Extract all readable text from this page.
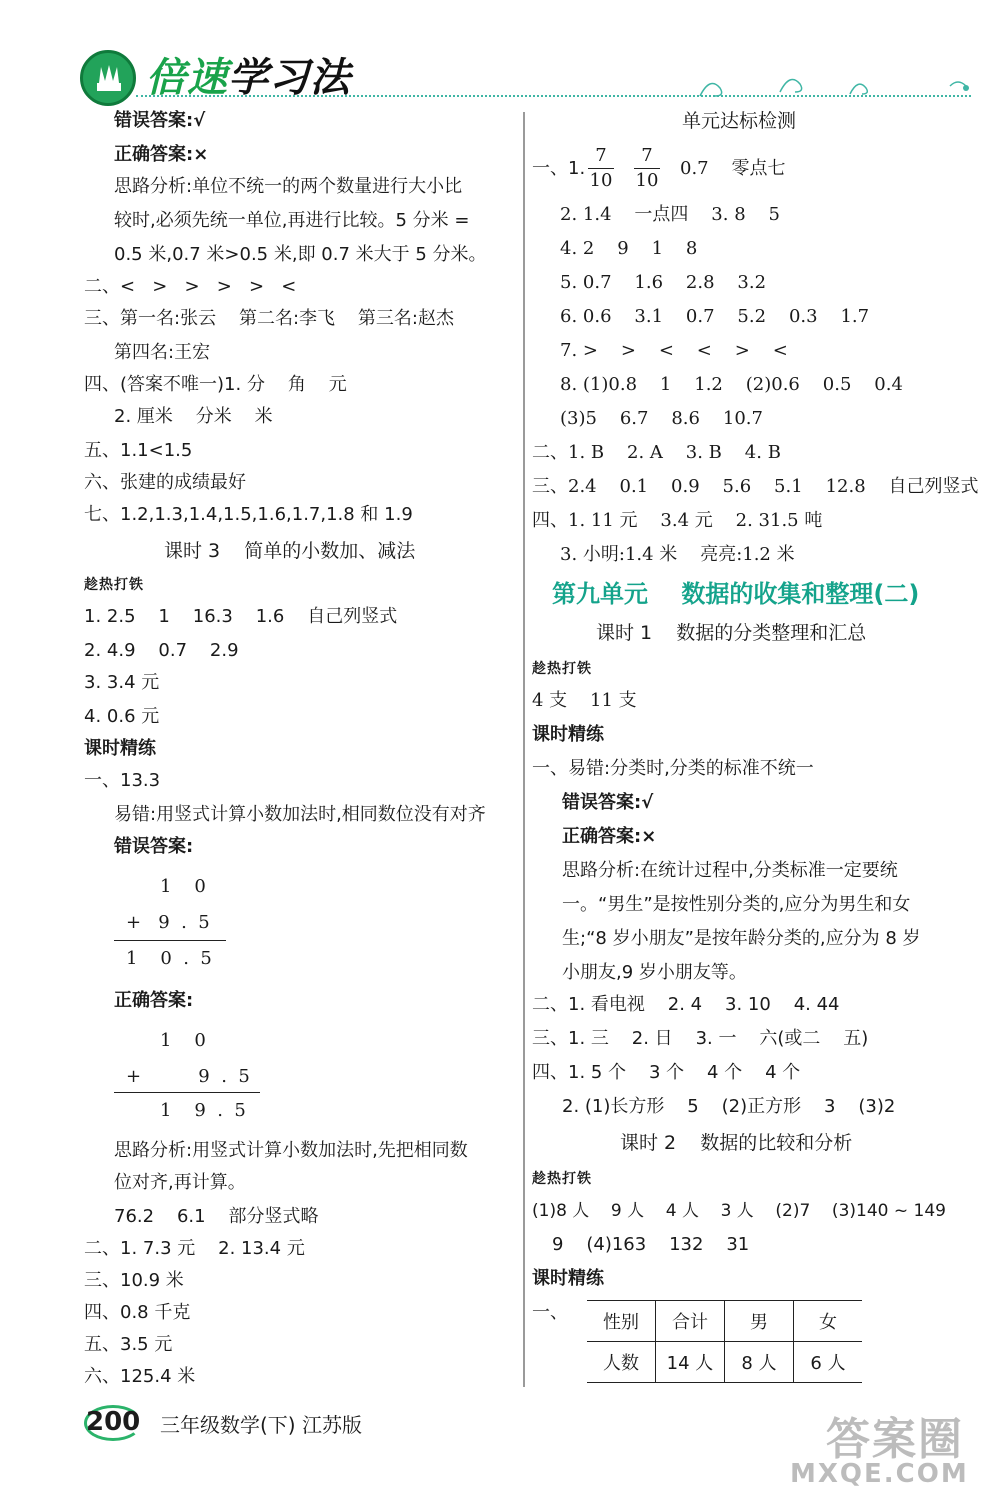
倍速学习法
错误答案:√
正确答案:×
思路分析:单位不统一的两个数量进行大小比
较时,必须先统一单位,再进行比较。5 分米 =
0.5 米,0.7 米>0.5 米,即 0.7 米大于 5 分米。
二、<   >   >   >   >   <
三、第一名:张云    第二名:李飞    第三名:赵杰
第四名:王宏
四、(答案不唯一)1. 分    角    元
2. 厘米    分米    米
五、1.1<1.5
六、张建的成绩最好
七、1.2,1.3,1.4,1.5,1.6,1.7,1.8 和 1.9
课时 3    简单的小数加、减法
趁热打铁
1. 2.5    1    16.3    1.6    自己列竖式
2. 4.9    0.7    2.9
3. 3.4 元
4. 0.6 元
课时精练
一、13.3
易错:用竖式计算小数加法时,相同数位没有对齐
错误答案:
1    0
+   9  .  5
1    0  .  5
正确答案:
1    0
+          9  .  5
1    9  .  5
思路分析:用竖式计算小数加法时,先把相同数
位对齐,再计算。
76.2    6.1    部分竖式略
二、1. 7.3 元    2. 13.4 元
三、10.9 米
四、0.8 千克
五、3.5 元
六、125.4 米
单元达标检测
一、1.
7
10
7
10
0.7    零点七
2. 1.4    一点四    3. 8    5
4. 2    9    1    8
5. 0.7    1.6    2.8    3.2
6. 0.6    3.1    0.7    5.2    0.3    1.7
7. >    >    <    <    >    <
8. (1)0.8    1    1.2    (2)0.6    0.5    0.4
(3)5    6.7    8.6    10.7
二、1. B    2. A    3. B    4. B
三、2.4    0.1    0.9    5.6    5.1    12.8    自己列竖式
四、1. 11 元    3.4 元    2. 31.5 吨
3. 小明:1.4 米    亮亮:1.2 米
第九单元    数据的收集和整理(二)
课时 1    数据的分类整理和汇总
趁热打铁
4 支    11 支
课时精练
一、易错:分类时,分类的标准不统一
错误答案:√
正确答案:×
思路分析:在统计过程中,分类标准一定要统
一。“男生”是按性别分类的,应分为男生和女
生;“8 岁小朋友”是按年龄分类的,应分为 8 岁
小朋友,9 岁小朋友等。
二、1. 看电视    2. 4    3. 10    4. 44
三、1. 三    2. 日    3. 一    六(或二    五)
四、1. 5 个    3 个    4 个    4 个
2. (1)长方形    5    (2)正方形    3    (3)2
课时 2    数据的比较和分析
趁热打铁
(1)8 人    9 人    4 人    3 人    (2)7    (3)140 ~ 149
9    (4)163    132    31
课时精练
一、 性别	合计	男	女
人数	14 人	8 人	6 人
200 三年级数学(下) 江苏版	答案圈
MXQE.COM
